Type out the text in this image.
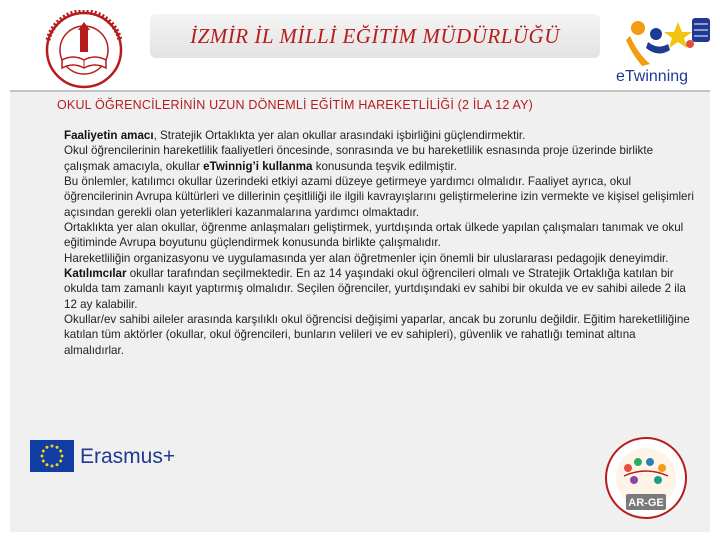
İZMİR İL MİLLİ EĞİTİM MÜDÜRLÜĞÜ
eTwinning
OKUL ÖĞRENCİLERİNİN UZUN DÖNEMLİ EĞİTİM HAREKETLİLİĞİ (2 İLA 12 AY)

Faaliyetin amacı, Stratejik Ortaklıkta yer alan okullar arasındaki işbirliğini güçlendirmektir.

Okul öğrencilerinin hareketlilik faaliyetleri öncesinde, sonrasında ve bu hareketlilik esnasında proje üzerinde birlikte çalışmak amacıyla, okullar eTwinnig’i kullanma konusunda teşvik edilmiştir.

Bu önlemler, katılımcı okullar üzerindeki etkiyi azami düzeye getirmeye yardımcı olmalıdır. Faaliyet ayrıca, okul öğrencilerinin Avrupa kültürleri ve dillerinin çeşitliliği ile ilgili kavrayışlarını geliştirmelerine izin vermekte ve kişisel gelişimleri açısından gerekli olan yeterlikleri kazanmalarına yardımcı olmaktadır.

Ortaklıkta yer alan okullar, öğrenme anlaşmaları geliştirmek, yurtdışında ortak ülkede yapılan çalışmaları tanımak ve okul eğitiminde Avrupa boyutunu güçlendirmek konusunda birlikte çalışmalıdır.

Hareketliliğin organizasyonu ve uygulamasında yer alan öğretmenler için önemli bir uluslararası pedagojik deneyimdir.

Katılımcılar okullar tarafından seçilmektedir. En az 14 yaşındaki okul öğrencileri olmalı ve Stratejik Ortaklığa katılan bir okulda tam zamanlı kayıt yaptırmış olmalıdır. Seçilen öğrenciler, yurtdışındaki ev sahibi bir okulda ve ev sahibi ailede 2 ila 12 ay kalabilir.

Okullar/ev sahibi aileler arasında karşılıklı okul öğrencisi değişimi yaparlar, ancak bu zorunlu değildir. Eğitim hareketliliğine katılan tüm aktörler (okullar, okul öğrencileri, bunların velileri ve ev sahipleri), güvenlik ve rahatlığı teminat altına almalıdırlar.

Erasmus+
AR-GE
